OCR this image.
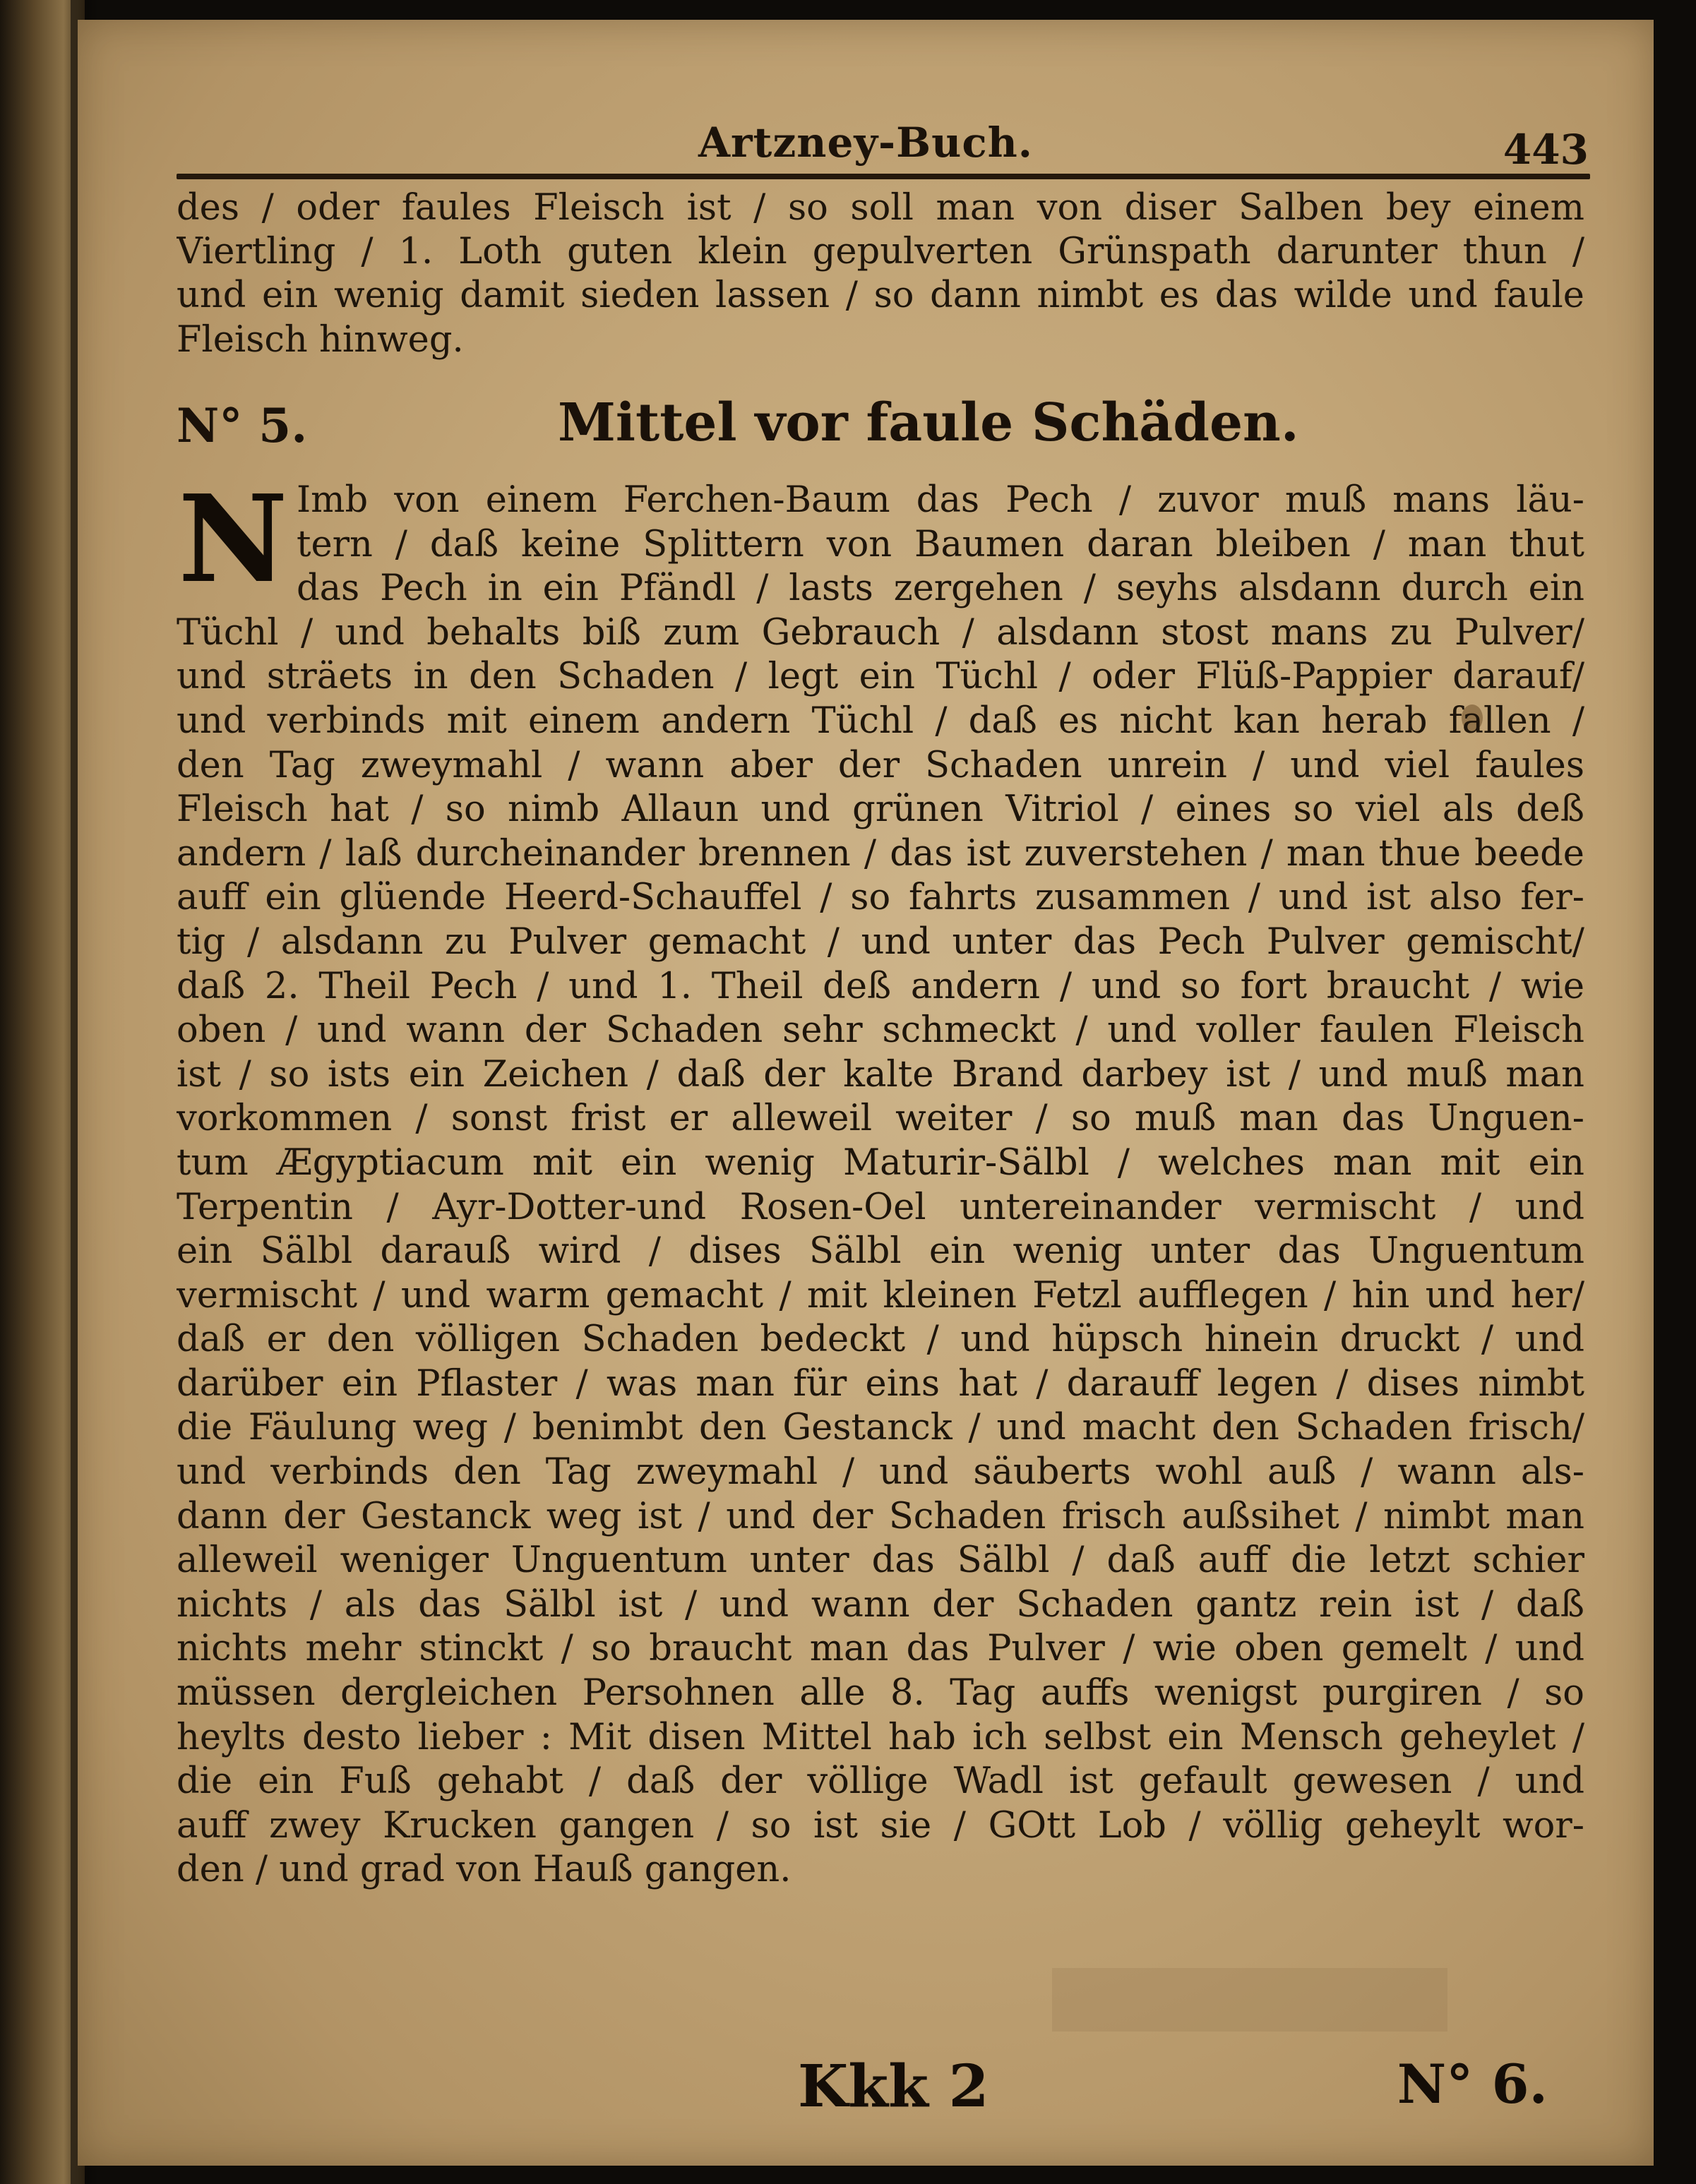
Artzney-Buch.	443
des / oder faules Fleisch ist / so soll man von diser Salben bey einem
Viertling / 1. Loth guten klein gepulverten Grünspath darunter thun /
und ein wenig damit sieden lassen / so dann nimbt es das wilde und faule
Fleisch hinweg.
N° 5.	Mittel vor faule Schäden.
N Imb von einem Ferchen-Baum das Pech / zuvor muß mans läu-
tern / daß keine Splittern von Baumen daran bleiben / man thut
das Pech in ein Pfändl / lasts zergehen / seyhs alsdann durch ein
Tüchl / und behalts biß zum Gebrauch / alsdann stost mans zu Pulver/
und sträets in den Schaden / legt ein Tüchl / oder Flüß-Pappier darauf/
und verbinds mit einem andern Tüchl / daß es nicht kan herab fallen /
den Tag zweymahl / wann aber der Schaden unrein / und viel faules
Fleisch hat / so nimb Allaun und grünen Vitriol / eines so viel als deß
andern / laß durcheinander brennen / das ist zuverstehen / man thue beede
auff ein glüende Heerd-Schauffel / so fahrts zusammen / und ist also fer-
tig / alsdann zu Pulver gemacht / und unter das Pech Pulver gemischt/
daß 2. Theil Pech / und 1. Theil deß andern / und so fort braucht / wie
oben / und wann der Schaden sehr schmeckt / und voller faulen Fleisch
ist / so ists ein Zeichen / daß der kalte Brand darbey ist / und muß man
vorkommen / sonst frist er alleweil weiter / so muß man das Unguen-
tum Ægyptiacum mit ein wenig Maturir-Sälbl / welches man mit ein
Terpentin / Ayr-Dotter-und Rosen-Oel untereinander vermischt / und
ein Sälbl darauß wird / dises Sälbl ein wenig unter das Unguentum
vermischt / und warm gemacht / mit kleinen Fetzl aufflegen / hin und her/
daß er den völligen Schaden bedeckt / und hüpsch hinein druckt / und
darüber ein Pflaster / was man für eins hat / darauff legen / dises nimbt
die Fäulung weg / benimbt den Gestanck / und macht den Schaden frisch/
und verbinds den Tag zweymahl / und säuberts wohl auß / wann als-
dann der Gestanck weg ist / und der Schaden frisch außsihet / nimbt man
alleweil weniger Unguentum unter das Sälbl / daß auff die letzt schier
nichts / als das Sälbl ist / und wann der Schaden gantz rein ist / daß
nichts mehr stinckt / so braucht man das Pulver / wie oben gemelt / und
müssen dergleichen Persohnen alle 8. Tag auffs wenigst purgiren / so
heylts desto lieber : Mit disen Mittel hab ich selbst ein Mensch geheylet /
die ein Fuß gehabt / daß der völlige Wadl ist gefault gewesen / und
auff zwey Krucken gangen / so ist sie / GOtt Lob / völlig geheylt wor-
den / und grad von Hauß gangen.
Kkk 2	N° 6.
